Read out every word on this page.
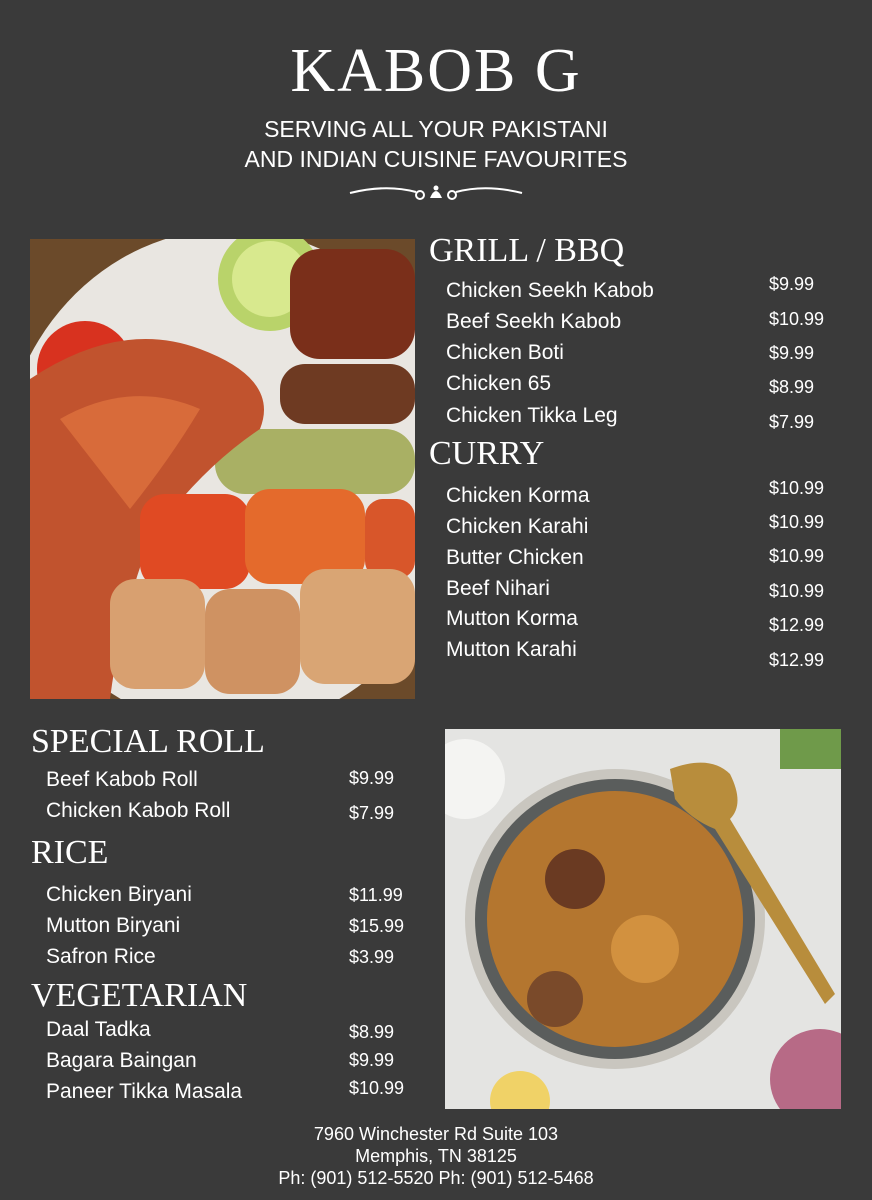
KABOB G
SERVING ALL YOUR PAKISTANI
AND INDIAN CUISINE FAVOURITES
GRILL / BBQ
Chicken Seekh Kabob	$9.99
Beef Seekh Kabob	$10.99
Chicken Boti	$9.99
Chicken 65	$8.99
Chicken Tikka Leg	$7.99
CURRY
Chicken Korma	$10.99
Chicken Karahi	$10.99
Butter Chicken	$10.99
Beef Nihari	$10.99
Mutton Korma	$12.99
Mutton Karahi	$12.99
SPECIAL ROLL
Beef Kabob Roll	$9.99
Chicken Kabob Roll	$7.99
RICE
Chicken Biryani	$11.99
Mutton Biryani	$15.99
Safron Rice	$3.99
VEGETARIAN
Daal Tadka	$8.99
Bagara Baingan	$9.99
Paneer Tikka Masala	$10.99
7960 Winchester Rd Suite 103
Memphis, TN 38125
Ph: (901) 512-5520 Ph: (901) 512-5468
